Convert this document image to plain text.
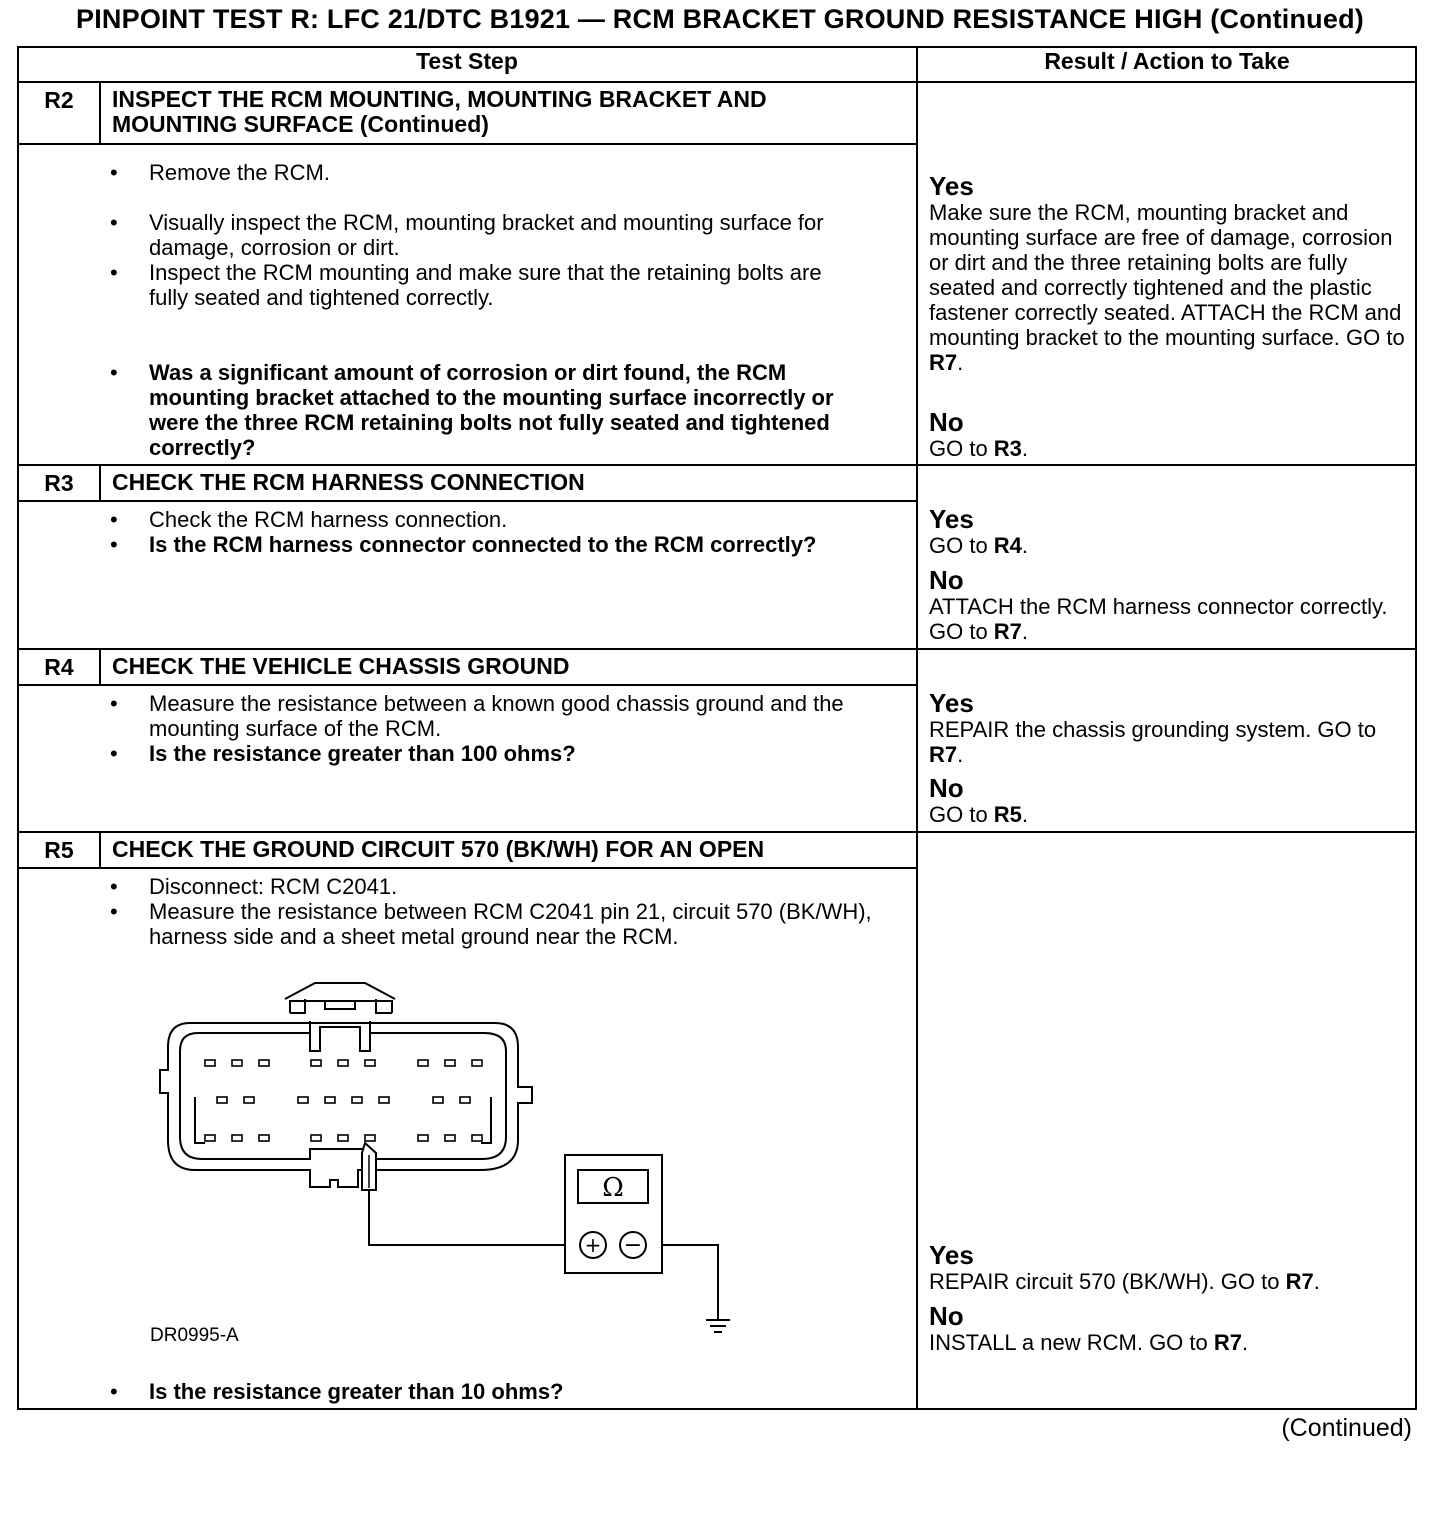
PINPOINT TEST R: LFC 21/DTC B1921 — RCM BRACKET GROUND RESISTANCE HIGH (Continued)
Test Step	Result / Action to Take
R2	INSPECT THE RCM MOUNTING, MOUNTING BRACKET AND
MOUNTING SURFACE (Continued)
• Remove the RCM.
• Visually inspect the RCM, mounting bracket and mounting surface for damage, corrosion or dirt.
• Inspect the RCM mounting and make sure that the retaining bolts are fully seated and tightened correctly.
• Was a significant amount of corrosion or dirt found, the RCM mounting bracket attached to the mounting surface incorrectly or were the three RCM retaining bolts not fully seated and tightened correctly?
Yes
Make sure the RCM, mounting bracket and mounting surface are free of damage, corrosion or dirt and the three retaining bolts are fully seated and correctly tightened and the plastic fastener correctly seated. ATTACH the RCM and mounting bracket to the mounting surface. GO to R7.
No
GO to R3.
R3	CHECK THE RCM HARNESS CONNECTION
• Check the RCM harness connection.
• Is the RCM harness connector connected to the RCM correctly?
Yes
GO to R4.
No
ATTACH the RCM harness connector correctly. GO to R7.
R4	CHECK THE VEHICLE CHASSIS GROUND
• Measure the resistance between a known good chassis ground and the mounting surface of the RCM.
• Is the resistance greater than 100 ohms?
Yes
REPAIR the chassis grounding system. GO to R7.
No
GO to R5.
R5	CHECK THE GROUND CIRCUIT 570 (BK/WH) FOR AN OPEN
• Disconnect: RCM C2041.
• Measure the resistance between RCM C2041 pin 21, circuit 570 (BK/WH), harness side and a sheet metal ground near the RCM.
Ω
+ −
DR0995-A
• Is the resistance greater than 10 ohms?
Yes
REPAIR circuit 570 (BK/WH). GO to R7.
No
INSTALL a new RCM. GO to R7.
(Continued)
